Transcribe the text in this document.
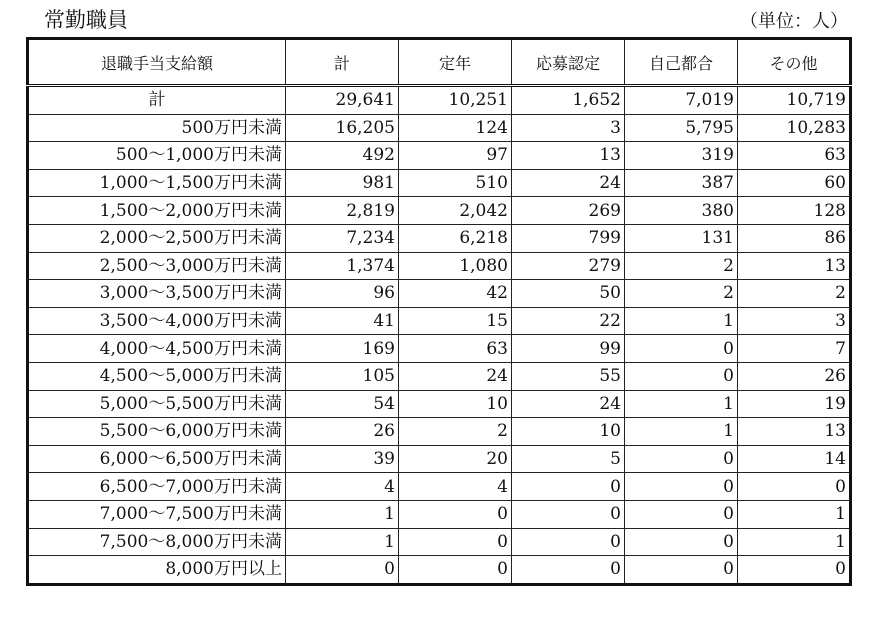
常勤職員	（単位：人）
退職手当支給額	計	定年	応募認定	自己都合	その他
計	29,641	10,251	1,652	7,019	10,719
500万円未満	16,205	124	3	5,795	10,283
500～1,000万円未満	492	97	13	319	63
1,000～1,500万円未満	981	510	24	387	60
1,500～2,000万円未満	2,819	2,042	269	380	128
2,000～2,500万円未満	7,234	6,218	799	131	86
2,500～3,000万円未満	1,374	1,080	279	2	13
3,000～3,500万円未満	96	42	50	2	2
3,500～4,000万円未満	41	15	22	1	3
4,000～4,500万円未満	169	63	99	0	7
4,500～5,000万円未満	105	24	55	0	26
5,000～5,500万円未満	54	10	24	1	19
5,500～6,000万円未満	26	2	10	1	13
6,000～6,500万円未満	39	20	5	0	14
6,500～7,000万円未満	4	4	0	0	0
7,000～7,500万円未満	1	0	0	0	1
7,500～8,000万円未満	1	0	0	0	1
8,000万円以上	0	0	0	0	0
